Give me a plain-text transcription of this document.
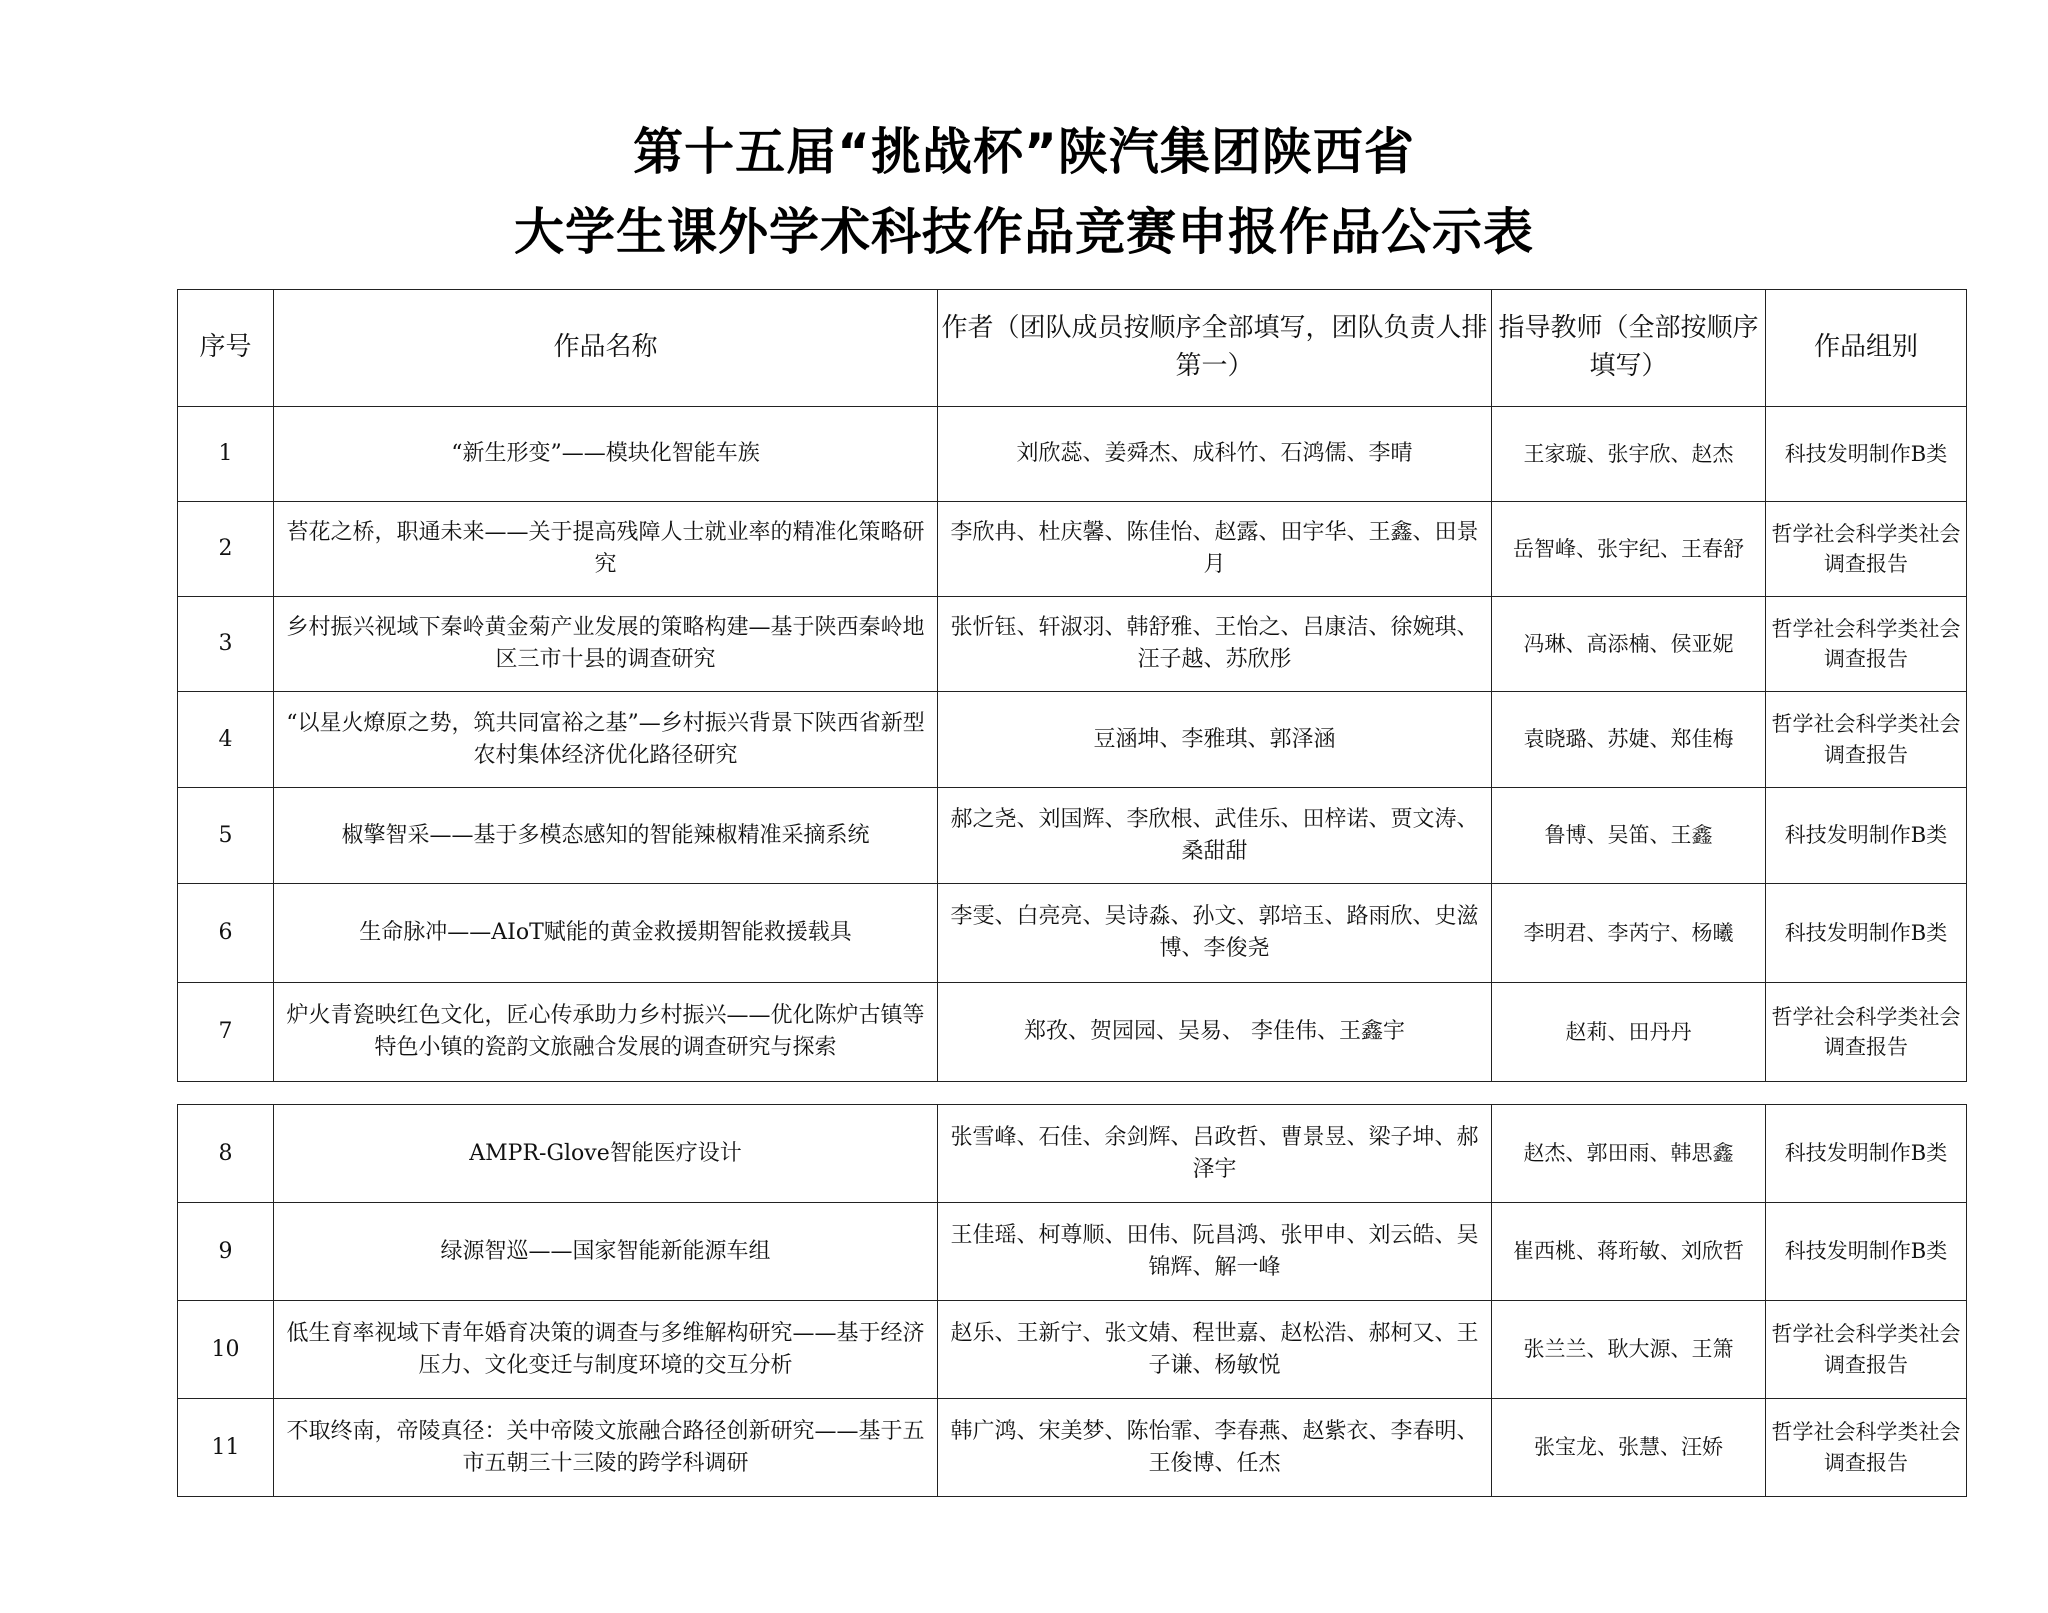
第十五届“挑战杯”陕汽集团陕西省
大学生课外学术科技作品竞赛申报作品公示表
序号	作品名称	作者（团队成员按顺序全部填写，团队负责人排第一）	指导教师（全部按顺序填写）	作品组别
1	“新生形变”——模块化智能车族	刘欣蕊、姜舜杰、成科竹、石鸿儒、李晴	王家璇、张宇欣、赵杰	科技发明制作B类
2	苔花之桥，职通未来——关于提高残障人士就业率的精准化策略研究	李欣冉、杜庆馨、陈佳怡、赵露、田宇华、王鑫、田景月	岳智峰、张宇纪、王春舒	哲学社会科学类社会调查报告
3	乡村振兴视域下秦岭黄金菊产业发展的策略构建—基于陕西秦岭地区三市十县的调查研究	张忻钰、轩淑羽、韩舒雅、王怡之、吕康洁、徐婉琪、汪子越、苏欣彤	冯琳、高添楠、侯亚妮	哲学社会科学类社会调查报告
4	“以星火燎原之势，筑共同富裕之基”—乡村振兴背景下陕西省新型农村集体经济优化路径研究	豆涵坤、李雅琪、郭泽涵	袁晓璐、苏婕、郑佳梅	哲学社会科学类社会调查报告
5	椒擎智采——基于多模态感知的智能辣椒精准采摘系统	郝之尧、刘国辉、李欣根、武佳乐、田梓诺、贾文涛、桑甜甜	鲁博、吴笛、王鑫	科技发明制作B类
6	生命脉冲——AIoT赋能的黄金救援期智能救援载具	李雯、白亮亮、吴诗淼、孙文、郭培玉、路雨欣、史滋博、李俊尧	李明君、李芮宁、杨曦	科技发明制作B类
7	炉火青瓷映红色文化，匠心传承助力乡村振兴——优化陈炉古镇等特色小镇的瓷韵文旅融合发展的调查研究与探索	郑孜、贺园园、吴易、 李佳伟、王鑫宇	赵莉、田丹丹	哲学社会科学类社会调查报告
8	AMPR-Glove智能医疗设计	张雪峰、石佳、余剑辉、吕政哲、曹景昱、梁子坤、郝泽宇	赵杰、郭田雨、韩思鑫	科技发明制作B类
9	绿源智巡——国家智能新能源车组	王佳瑶、柯尊顺、田伟、阮昌鸿、张甲申、刘云皓、吴锦辉、解一峰	崔西桃、蒋珩敏、刘欣哲	科技发明制作B类
10	低生育率视域下青年婚育决策的调查与多维解构研究——基于经济压力、文化变迁与制度环境的交互分析	赵乐、王新宁、张文婧、程世嘉、赵松浩、郝柯又、王子谦、杨敏悦	张兰兰、耿大源、王箫	哲学社会科学类社会调查报告
11	不取终南，帝陵真径：关中帝陵文旅融合路径创新研究——基于五市五朝三十三陵的跨学科调研	韩广鸿、宋美梦、陈怡霏、李春燕、赵紫衣、李春明、王俊博、任杰	张宝龙、张慧、汪娇	哲学社会科学类社会调查报告
